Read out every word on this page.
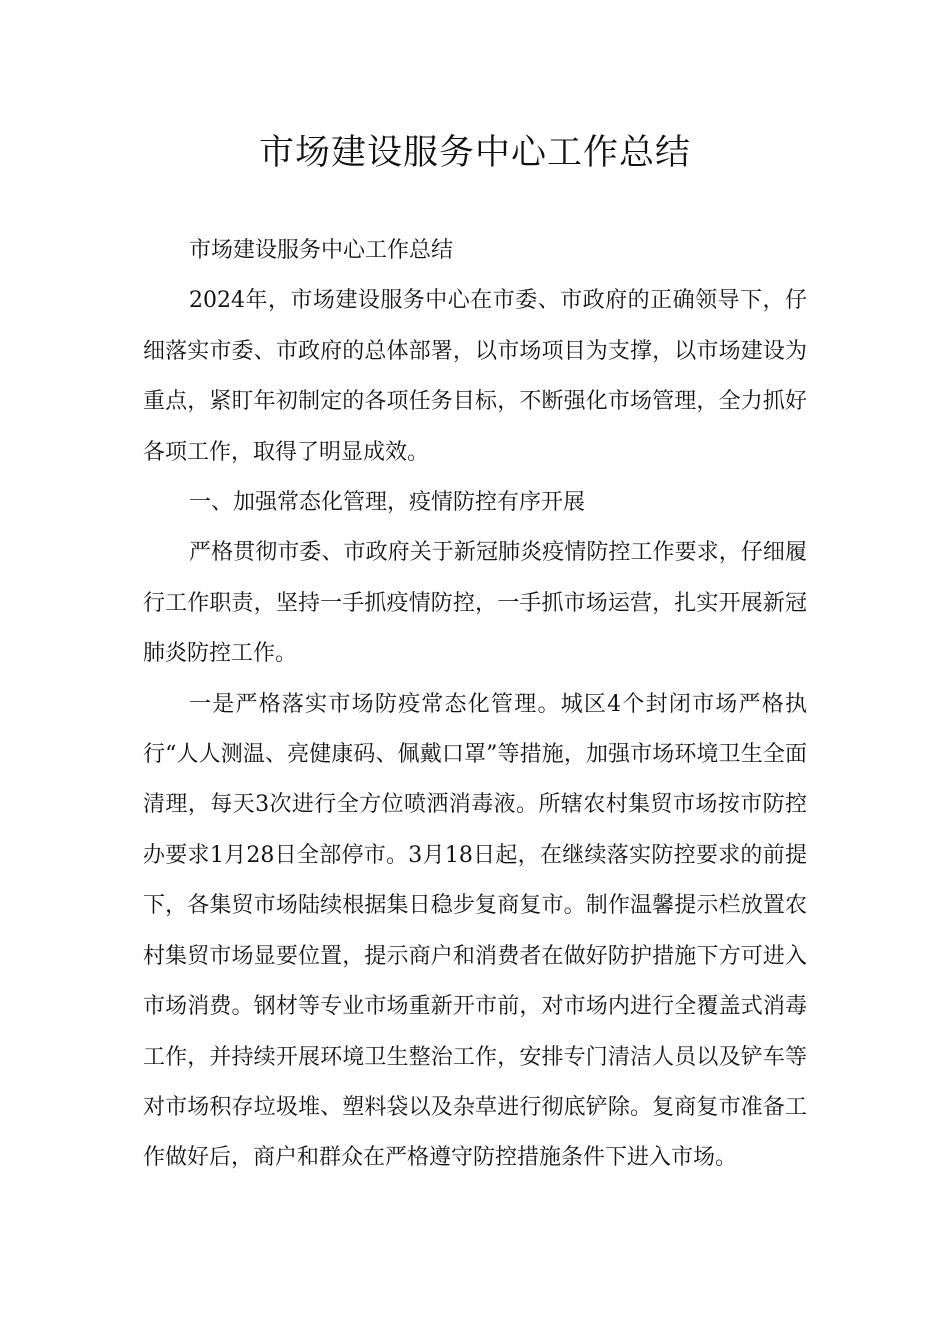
市场建设服务中心工作总结

市场建设服务中心工作总结

2024年，市场建设服务中心在市委、市政府的正确领导下，仔细落实市委、市政府的总体部署，以市场项目为支撑，以市场建设为重点，紧盯年初制定的各项任务目标，不断强化市场管理，全力抓好各项工作，取得了明显成效。

一、加强常态化管理，疫情防控有序开展

严格贯彻市委、市政府关于新冠肺炎疫情防控工作要求，仔细履行工作职责，坚持一手抓疫情防控，一手抓市场运营，扎实开展新冠肺炎防控工作。

一是严格落实市场防疫常态化管理。城区4个封闭市场严格执行“人人测温、亮健康码、佩戴口罩”等措施，加强市场环境卫生全面清理，每天3次进行全方位喷洒消毒液。所辖农村集贸市场按市防控办要求1月28日全部停市。3月18日起，在继续落实防控要求的前提下，各集贸市场陆续根据集日稳步复商复市。制作温馨提示栏放置农村集贸市场显要位置，提示商户和消费者在做好防护措施下方可进入市场消费。钢材等专业市场重新开市前，对市场内进行全覆盖式消毒工作，并持续开展环境卫生整治工作，安排专门清洁人员以及铲车等对市场积存垃圾堆、塑料袋以及杂草进行彻底铲除。复商复市准备工作做好后，商户和群众在严格遵守防控措施条件下进入市场。
